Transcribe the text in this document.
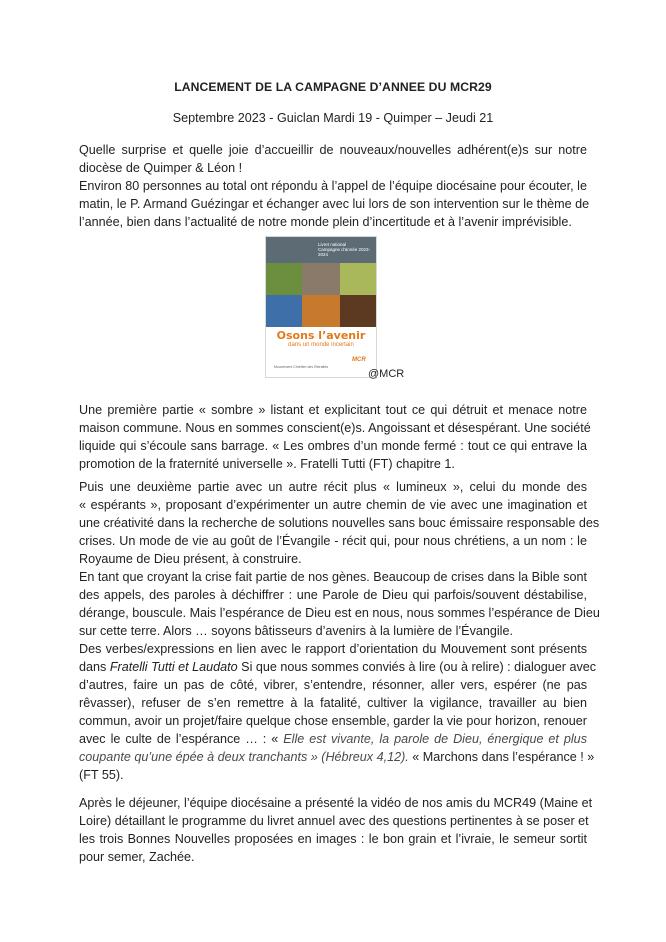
LANCEMENT DE LA CAMPAGNE D’ANNEE DU MCR29
Septembre 2023 - Guiclan Mardi 19 - Quimper – Jeudi 21
Quelle surprise et quelle joie d’accueillir de nouveaux/nouvelles adhérent(e)s sur notre
diocèse de Quimper & Léon !
Environ 80 personnes au total ont répondu à l’appel de l’équipe diocésaine pour écouter, le
matin, le P. Armand Guézingar et échanger avec lui lors de son intervention sur le thème de
l’année, bien dans l’actualité de notre monde plein d’incertitude et à l’avenir imprévisible.
Livret national
Campagne d’année 2023-2024
Osons l’avenir
dans un monde incertain
Mouvement Chrétien des Retraités
MCR
@MCR
Une première partie « sombre » listant et explicitant tout ce qui détruit et menace notre
maison commune. Nous en sommes conscient(e)s. Angoissant et désespérant. Une société
liquide qui s’écoule sans barrage. « Les ombres d’un monde fermé : tout ce qui entrave la
promotion de la fraternité universelle ». Fratelli Tutti (FT) chapitre 1.
Puis une deuxième partie avec un autre récit plus « lumineux », celui du monde des
« espérants », proposant d’expérimenter un autre chemin de vie avec une imagination et
une créativité dans la recherche de solutions nouvelles sans bouc émissaire responsable des
crises. Un mode de vie au goût de l’Évangile - récit qui, pour nous chrétiens, a un nom : le
Royaume de Dieu présent, à construire.
En tant que croyant la crise fait partie de nos gènes. Beaucoup de crises dans la Bible sont
des appels, des paroles à déchiffrer : une Parole de Dieu qui parfois/souvent déstabilise,
dérange, bouscule. Mais l’espérance de Dieu est en nous, nous sommes l’espérance de Dieu
sur cette terre. Alors … soyons bâtisseurs d’avenirs à la lumière de l’Évangile.
Des verbes/expressions en lien avec le rapport d’orientation du Mouvement sont présents
dans Fratelli Tutti et Laudato Si que nous sommes conviés à lire (ou à relire) : dialoguer avec
d’autres, faire un pas de côté, vibrer, s’entendre, résonner, aller vers, espérer (ne pas
rêvasser), refuser de s’en remettre à la fatalité, cultiver la vigilance, travailler au bien
commun, avoir un projet/faire quelque chose ensemble, garder la vie pour horizon, renouer
avec le culte de l’espérance … : « Elle est vivante, la parole de Dieu, énergique et plus
coupante qu’une épée à deux tranchants » (Hébreux 4,12). « Marchons dans l’espérance ! »
(FT 55).
Après le déjeuner, l’équipe diocésaine a présenté la vidéo de nos amis du MCR49 (Maine et
Loire) détaillant le programme du livret annuel avec des questions pertinentes à se poser et
les trois Bonnes Nouvelles proposées en images : le bon grain et l’ivraie, le semeur sortit
pour semer, Zachée.
